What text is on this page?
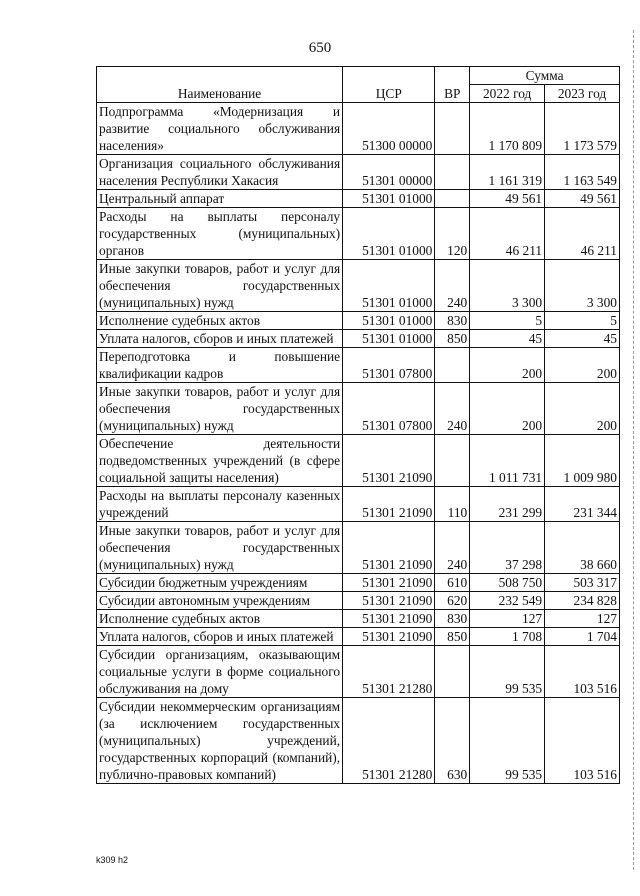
650
Наименование	ЦСР	ВР	Сумма	
			2022 год	2023 год
Подпрограмма «Модернизация и развитие социального обслуживания населения»	51300 00000		1 170 809	1 173 579
Организация социального обслуживания населения Республики Хакасия	51301 00000		1 161 319	1 163 549
Центральный аппарат	51301 01000		49 561	49 561
Расходы на выплаты персоналу государственных (муниципальных) органов	51301 01000	120	46 211	46 211
Иные закупки товаров, работ и услуг для обеспечения государственных (муниципальных) нужд	51301 01000	240	3 300	3 300
Исполнение судебных актов	51301 01000	830	5	5
Уплата налогов, сборов и иных платежей	51301 01000	850	45	45
Переподготовка и повышение квалификации кадров	51301 07800		200	200
Иные закупки товаров, работ и услуг для обеспечения государственных (муниципальных) нужд	51301 07800	240	200	200
Обеспечение деятельности подведомственных учреждений (в сфере социальной защиты населения)	51301 21090		1 011 731	1 009 980
Расходы на выплаты персоналу казенных учреждений	51301 21090	110	231 299	231 344
Иные закупки товаров, работ и услуг для обеспечения государственных (муниципальных) нужд	51301 21090	240	37 298	38 660
Субсидии бюджетным учреждениям	51301 21090	610	508 750	503 317
Субсидии автономным учреждениям	51301 21090	620	232 549	234 828
Исполнение судебных актов	51301 21090	830	127	127
Уплата налогов, сборов и иных платежей	51301 21090	850	1 708	1 704
Субсидии организациям, оказывающим социальные услуги в форме социального обслуживания на дому	51301 21280		99 535	103 516
Субсидии некоммерческим организациям (за исключением государственных (муниципальных) учреждений, государственных корпораций (компаний), публично-правовых компаний)	51301 21280	630	99 535	103 516
k309 h2
